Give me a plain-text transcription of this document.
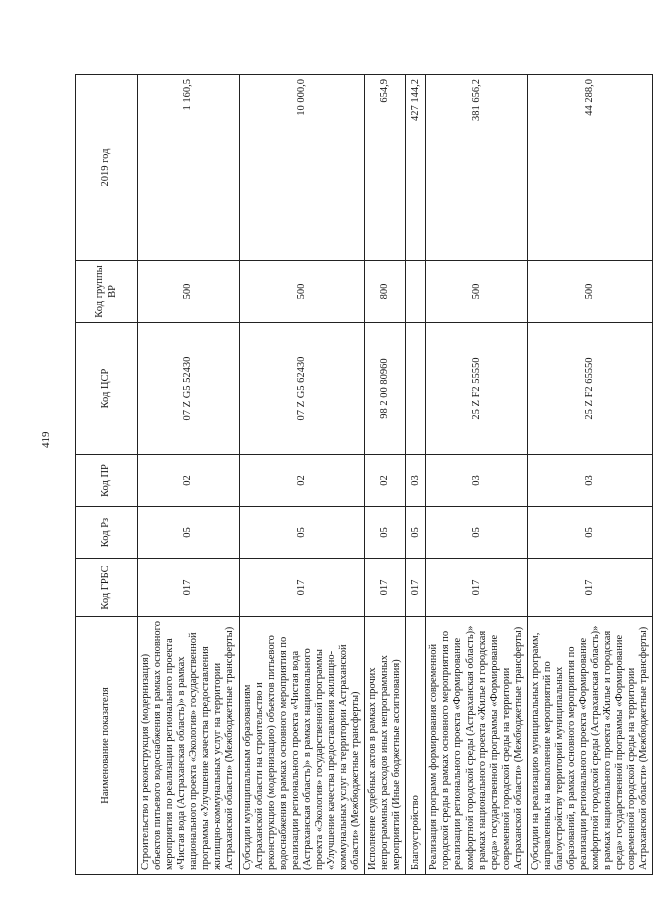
419
Наименование показателя	Код ГРБС	Код Рз	Код ПР	Код ЦСР	Код группы ВР	2019 год
Строительство и реконструкция (модернизация) объектов питьевого водоснабжения в рамках основного мероприятия по реализации регионального проекта «Чистая вода (Астраханская область)» в рамках национального проекта «Экология» государственной программы «Улучшение качества предоставления жилищно-коммунальных услуг на территории Астраханской области» (Межбюджетные трансферты)	017	05	02	07 Z G5 52430	500	1 160,5
Субсидии муниципальным образованиям Астраханской области на строительство и реконструкцию (модернизацию) объектов питьевого водоснабжения в рамках основного мероприятия по реализации регионального проекта «Чистая вода (Астраханская область)» в рамках национального проекта «Экология» государственной программы «Улучшение качества предоставления жилищно-коммунальных услуг на территории Астраханской области» (Межбюджетные трансферты)	017	05	02	07 Z G5 62430	500	10 000,0
Исполнение судебных актов в рамках прочих непрограммных расходов иных непрограммных мероприятий (Иные бюджетные ассигнования)	017	05	02	98 2 00 80960	800	654,9
Благоустройство	017	05	03			427 144,2
Реализация программ формирования современной городской среды в рамках основного мероприятия по реализации регионального проекта «Формирование комфортной городской среды (Астраханская область)» в рамках национального проекта «Жилье и городская среда» государственной программы «Формирование современной городской среды на территории Астраханской области» (Межбюджетные трансферты)	017	05	03	25 Z F2 55550	500	381 656,2
Субсидии на реализацию муниципальных программ, направленных на выполнение мероприятий по благоустройству территорий муниципальных образований, в рамках основного мероприятия по реализации регионального проекта «Формирование комфортной городской среды (Астраханская область)» в рамках национального проекта «Жилье и городская среда» государственной программы «Формирование современной городской среды на территории Астраханской области» (Межбюджетные трансферты)	017	05	03	25 Z F2 65550	500	44 288,0
